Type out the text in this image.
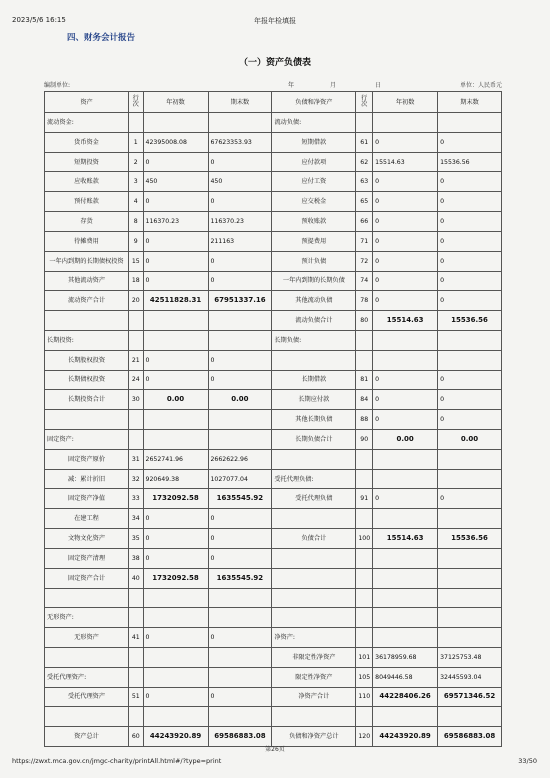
2023/5/6 16:15	年报年检填报
四、财务会计报告
（一）资产负债表
编制单位:	年	月	日	单位：人民币元
资产	行次	年初数	期末数	负债和净资产	行次	年初数	期末数
流动资金:				流动负债:			
货币资金	1	42395008.08	67623353.93	短期借款	61	0	0
短期投资	2	0	0	应付款项	62	15514.63	15536.56
应收账款	3	450	450	应付工资	63	0	0
预付账款	4	0	0	应交税金	65	0	0
存货	8	116370.23	116370.23	预收账款	66	0	0
待摊费用	9	0	211163	预提费用	71	0	0
一年内到期的长期债权投资	15	0	0	预计负债	72	0	0
其他流动资产	18	0	0	一年内到期的长期负债	74	0	0
流动资产合计	20	42511828.31	67951337.16	其他流动负债	78	0	0
				流动负债合计	80	15514.63	15536.56
长期投资:				长期负债:			
长期股权投资	21	0	0				
长期债权投资	24	0	0	长期借款	81	0	0
长期投资合计	30	0.00	0.00	长期应付款	84	0	0
				其他长期负债	88	0	0
固定资产:				长期负债合计	90	0.00	0.00
固定资产原价	31	2652741.96	2662622.96				
减：累计折旧	32	920649.38	1027077.04	受托代理负债:			
固定资产净值	33	1732092.58	1635545.92	受托代理负债	91	0	0
在建工程	34	0	0				
文物文化资产	35	0	0	负债合计	100	15514.63	15536.56
固定资产清理	38	0	0				
固定资产合计	40	1732092.58	1635545.92				

无形资产:							
无形资产	41	0	0	净资产:			
				非限定性净资产	101	36178959.68	37125753.48
受托代理资产:				限定性净资产	105	8049446.58	32445593.04
受托代理资产	51	0	0	净资产合计	110	44228406.26	69571346.52

资产总计	60	44243920.89	69586883.08	负债和净资产总计	120	44243920.89	69586883.08
第26页
https://zwxt.mca.gov.cn/jmgc-charity/printAll.html#/?type=print	33/50
